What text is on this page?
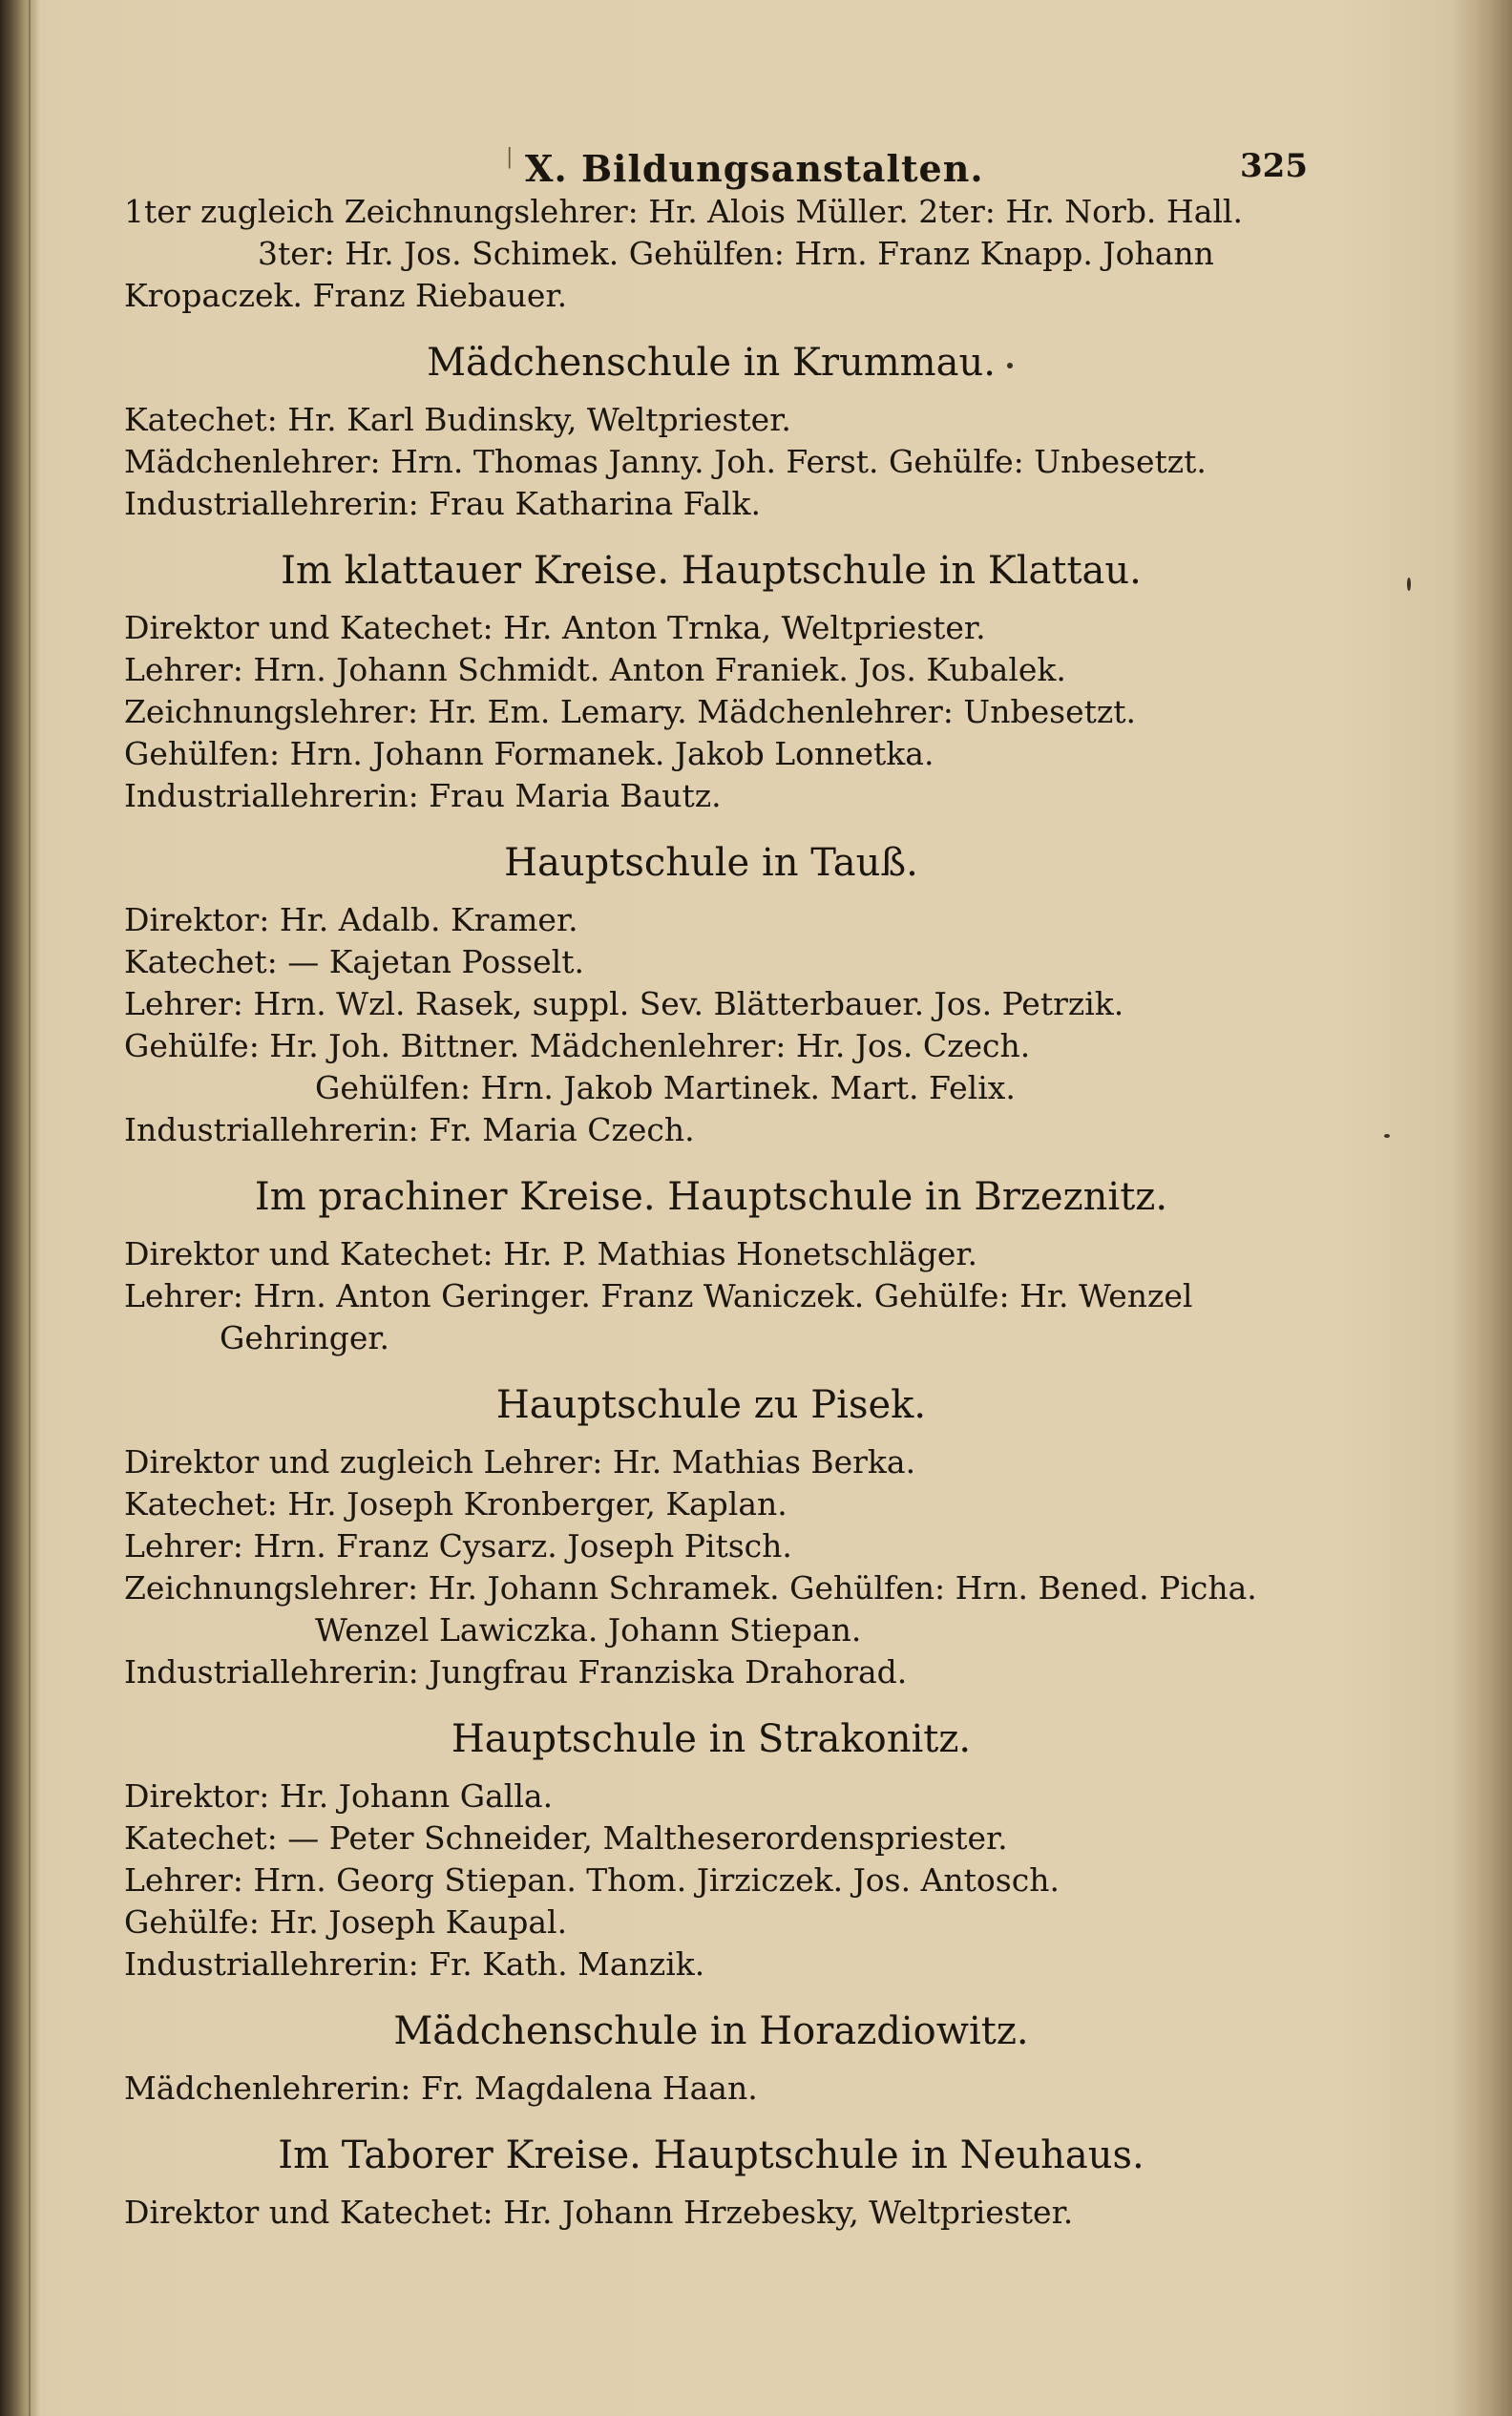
| X. Bildungsanstalten.	325
1ter zugleich Zeichnungslehrer: Hr. Alois Müller. 2ter: Hr. Norb. Hall.
3ter: Hr. Jos. Schimek. Gehülfen: Hrn. Franz Knapp. Johann
Kropaczek. Franz Riebauer.
Mädchenschule in Krummau.
Katechet: Hr. Karl Budinsky, Weltpriester.
Mädchenlehrer: Hrn. Thomas Janny. Joh. Ferst. Gehülfe: Unbesetzt.
Industriallehrerin: Frau Katharina Falk.
Im klattauer Kreise. Hauptschule in Klattau.
Direktor und Katechet: Hr. Anton Trnka, Weltpriester.
Lehrer: Hrn. Johann Schmidt. Anton Franiek. Jos. Kubalek.
Zeichnungslehrer: Hr. Em. Lemary. Mädchenlehrer: Unbesetzt.
Gehülfen: Hrn. Johann Formanek. Jakob Lonnetka.
Industriallehrerin: Frau Maria Bautz.
Hauptschule in Tauß.
Direktor: Hr. Adalb. Kramer.
Katechet: — Kajetan Posselt.
Lehrer: Hrn. Wzl. Rasek, suppl. Sev. Blätterbauer. Jos. Petrzik.
Gehülfe: Hr. Joh. Bittner. Mädchenlehrer: Hr. Jos. Czech.
Gehülfen: Hrn. Jakob Martinek. Mart. Felix.
Industriallehrerin: Fr. Maria Czech.
Im prachiner Kreise. Hauptschule in Brzeznitz.
Direktor und Katechet: Hr. P. Mathias Honetschläger.
Lehrer: Hrn. Anton Geringer. Franz Waniczek. Gehülfe: Hr. Wenzel
Gehringer.
Hauptschule zu Pisek.
Direktor und zugleich Lehrer: Hr. Mathias Berka.
Katechet: Hr. Joseph Kronberger, Kaplan.
Lehrer: Hrn. Franz Cysarz. Joseph Pitsch.
Zeichnungslehrer: Hr. Johann Schramek. Gehülfen: Hrn. Bened. Picha.
Wenzel Lawiczka. Johann Stiepan.
Industriallehrerin: Jungfrau Franziska Drahorad.
Hauptschule in Strakonitz.
Direktor: Hr. Johann Galla.
Katechet: — Peter Schneider, Maltheserordenspriester.
Lehrer: Hrn. Georg Stiepan. Thom. Jirziczek. Jos. Antosch.
Gehülfe: Hr. Joseph Kaupal.
Industriallehrerin: Fr. Kath. Manzik.
Mädchenschule in Horazdiowitz.
Mädchenlehrerin: Fr. Magdalena Haan.
Im Taborer Kreise. Hauptschule in Neuhaus.
Direktor und Katechet: Hr. Johann Hrzebesky, Weltpriester.
